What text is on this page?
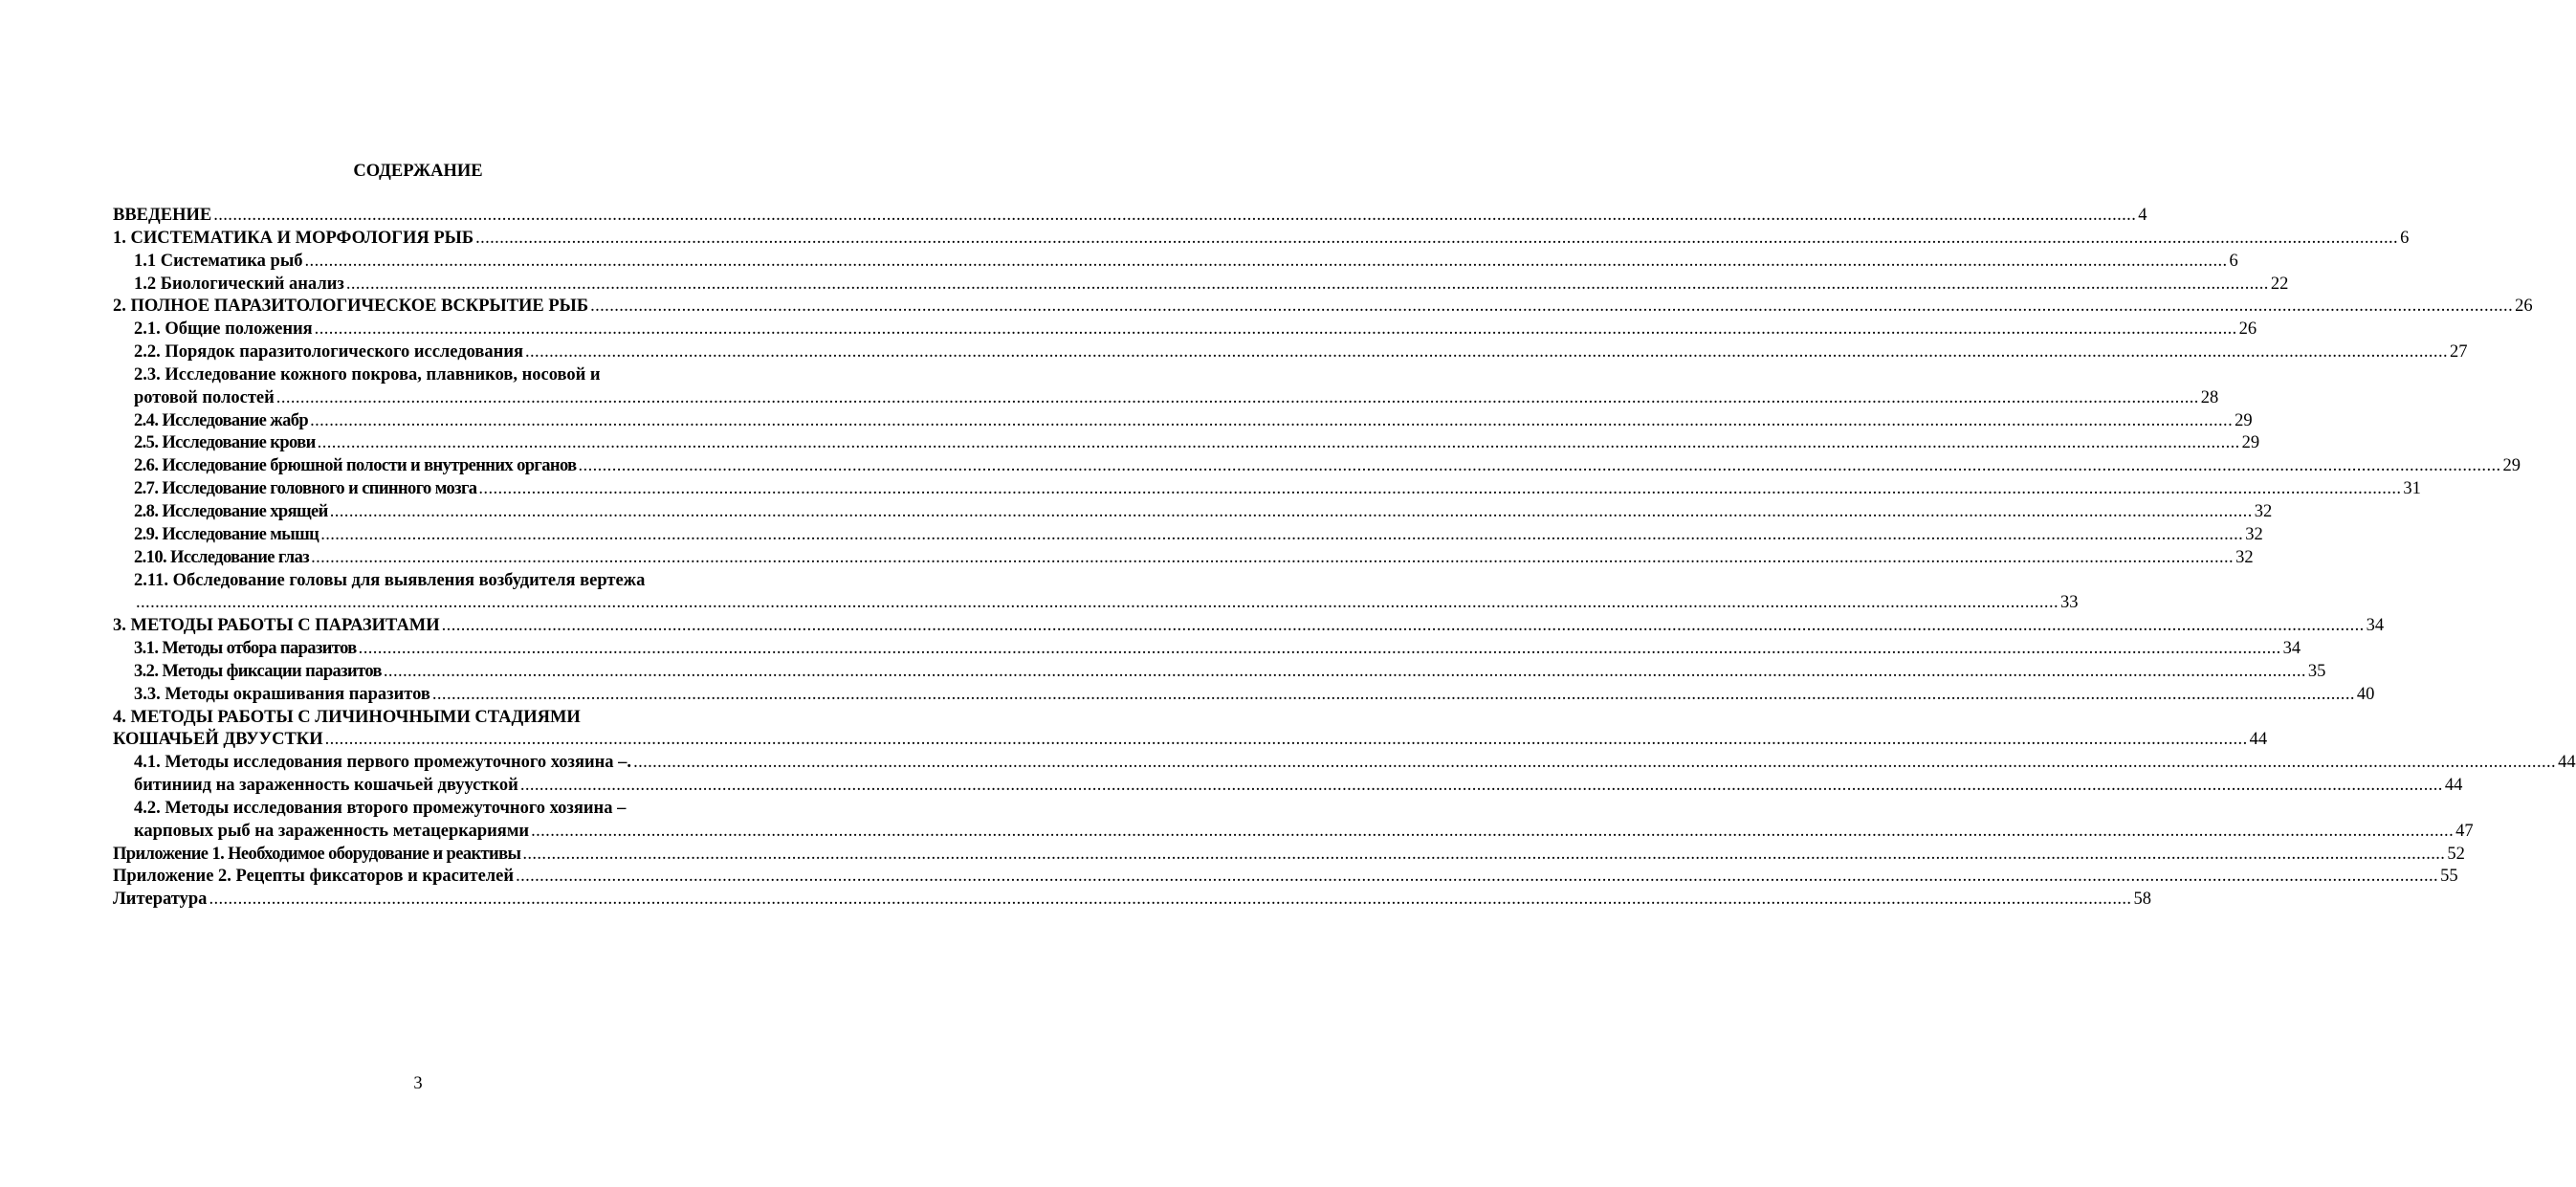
СОДЕРЖАНИЕ
ВВЕДЕНИЕ ................................................................................................................................................................................................................................................................................................................................................................................................................ 4
1. СИСТЕМАТИКА И МОРФОЛОГИЯ РЫБ ................................................................................................................................................................................................................................................................................................................................................................................................................ 6
1.1 Систематика рыб ................................................................................................................................................................................................................................................................................................................................................................................................................ 6
1.2 Биологический анализ ................................................................................................................................................................................................................................................................................................................................................................................................................ 22
2. ПОЛНОЕ ПАРАЗИТОЛОГИЧЕСКОЕ ВСКРЫТИЕ РЫБ ................................................................................................................................................................................................................................................................................................................................................................................................................ 26
2.1. Общие положения ................................................................................................................................................................................................................................................................................................................................................................................................................ 26
2.2. Порядок паразитологического исследования ................................................................................................................................................................................................................................................................................................................................................................................................................ 27
2.3. Исследование кожного покрова, плавников, носовой и
ротовой полостей ................................................................................................................................................................................................................................................................................................................................................................................................................ 28
2.4. Исследование жабр ................................................................................................................................................................................................................................................................................................................................................................................................................ 29
2.5. Исследование крови ................................................................................................................................................................................................................................................................................................................................................................................................................ 29
2.6. Исследование брюшной полости и внутренних органов ................................................................................................................................................................................................................................................................................................................................................................................................................ 29
2.7. Исследование головного и спинного мозга ................................................................................................................................................................................................................................................................................................................................................................................................................ 31
2.8. Исследование хрящей ................................................................................................................................................................................................................................................................................................................................................................................................................ 32
2.9. Исследование мышц ................................................................................................................................................................................................................................................................................................................................................................................................................ 32
2.10. Исследование глаз ................................................................................................................................................................................................................................................................................................................................................................................................................ 32
2.11. Обследование головы для выявления возбудителя вертежа
................................................................................................................................................................................................................................................................................................................................................................................................................ 33
3. МЕТОДЫ РАБОТЫ С ПАРАЗИТАМИ ................................................................................................................................................................................................................................................................................................................................................................................................................ 34
3.1. Методы отбора паразитов ................................................................................................................................................................................................................................................................................................................................................................................................................ 34
3.2. Методы фиксации паразитов ................................................................................................................................................................................................................................................................................................................................................................................................................ 35
3.3. Методы окрашивания паразитов ................................................................................................................................................................................................................................................................................................................................................................................................................ 40
4. МЕТОДЫ РАБОТЫ С ЛИЧИНОЧНЫМИ СТАДИЯМИ
КОШАЧЬЕЙ ДВУУСТКИ ................................................................................................................................................................................................................................................................................................................................................................................................................ 44
4.1. Методы исследования первого промежуточного хозяина –. ................................................................................................................................................................................................................................................................................................................................................................................................................ 44
битиниид на зараженность кошачьей двуусткой ................................................................................................................................................................................................................................................................................................................................................................................................................ 44
4.2. Методы исследования второго промежуточного хозяина –
карповых рыб на зараженность метацеркариями ................................................................................................................................................................................................................................................................................................................................................................................................................ 47
Приложение 1. Необходимое оборудование и реактивы ................................................................................................................................................................................................................................................................................................................................................................................................................ 52
Приложение 2. Рецепты фиксаторов и красителей ................................................................................................................................................................................................................................................................................................................................................................................................................ 55
Литература ................................................................................................................................................................................................................................................................................................................................................................................................................ 58
3
